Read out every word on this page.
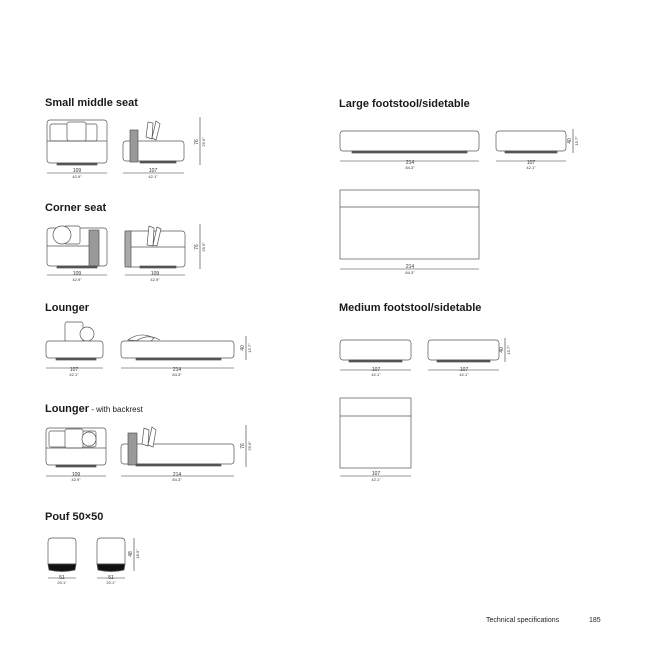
Small middle seat
Corner seat
Lounger
Lounger - with backrest
Pouf 50×50
Large footstool/sidetable
Medium footstool/sidetable
109
42.9"
107
42.1"
76 29.9"
109
42.9"
109
42.9"
76 29.9"
107
42.1"
214
84.3"
40 15.7"
109
42.9"
214
84.3"
76 29.9"
51
20.1"
51
20.1"
48 18.9"
214
84.3"
107
42.1"
40 15.7"
214
84.3"
107
42.1"
107
42.1"
40 15.7"
107
42.1"
Technical specifications	185
